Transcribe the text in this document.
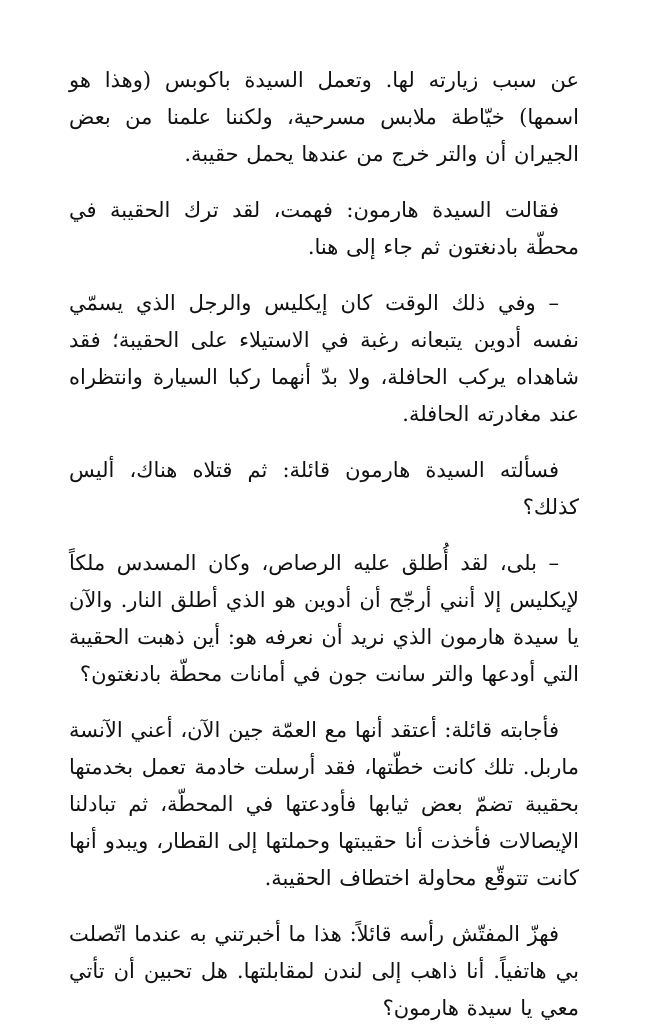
عن سبب زيارته لها. وتعمل السيدة باكوبس (وهذا هو اسمها) خيّاطة ملابس مسرحية، ولكننا علمنا من بعض الجيران أن والتر خرج من عندها يحمل حقيبة.

فقالت السيدة هارمون: فهمت، لقد ترك الحقيبة في محطّة بادنغتون ثم جاء إلى هنا.

– وفي ذلك الوقت كان إيكليس والرجل الذي يسمّي نفسه أدوين يتبعانه رغبة في الاستيلاء على الحقيبة؛ فقد شاهداه يركب الحافلة، ولا بدّ أنهما ركبا السيارة وانتظراه عند مغادرته الحافلة.

فسألته السيدة هارمون قائلة: ثم قتلاه هناك، أليس كذلك؟

– بلى، لقد أُطلق عليه الرصاص، وكان المسدس ملكاً لإيكليس إلا أنني أرجّح أن أدوين هو الذي أطلق النار. والآن يا سيدة هارمون الذي نريد أن نعرفه هو: أين ذهبت الحقيبة التي أودعها والتر سانت جون في أمانات محطّة بادنغتون؟

فأجابته قائلة: أعتقد أنها مع العمّة جين الآن، أعني الآنسة ماربل. تلك كانت خطّتها، فقد أرسلت خادمة تعمل بخدمتها بحقيبة تضمّ بعض ثيابها فأودعتها في المحطّة، ثم تبادلنا الإيصالات فأخذت أنا حقيبتها وحملتها إلى القطار، ويبدو أنها كانت تتوقّع محاولة اختطاف الحقيبة.

فهزّ المفتّش رأسه قائلاً: هذا ما أخبرتني به عندما اتّصلت بي هاتفياً. أنا ذاهب إلى لندن لمقابلتها. هل تحبين أن تأتي معي يا سيدة هارمون؟
